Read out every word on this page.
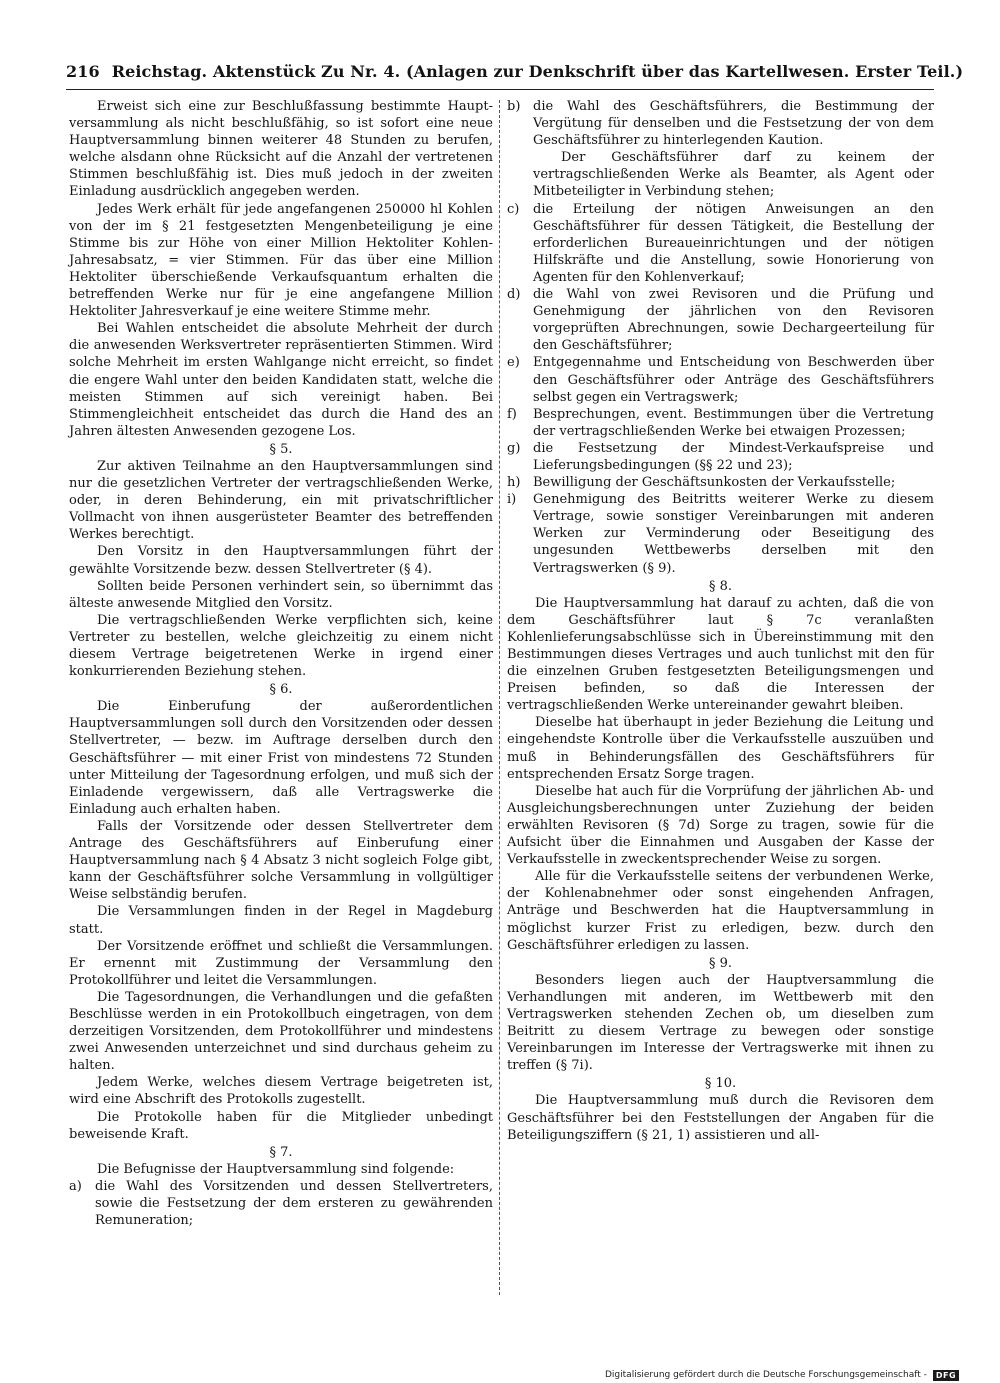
216 Reichstag. Aktenstück Zu Nr. 4. (Anlagen zur Denkschrift über das Kartellwesen. Erster Teil.)

Erweist sich eine zur Beschlußfassung bestimmte Haupt-versammlung als nicht beschlußfähig, so ist sofort eine neue Hauptversammlung binnen weiterer 48 Stunden zu berufen, welche alsdann ohne Rücksicht auf die Anzahl der vertretenen Stimmen beschlußfähig ist. Dies muß jedoch in der zweiten Einladung ausdrücklich angegeben werden.

Jedes Werk erhält für jede angefangenen 250000 hl Kohlen von der im § 21 festgesetzten Mengenbeteiligung je eine Stimme bis zur Höhe von einer Million Hektoliter Kohlen-Jahresabsatz, = vier Stimmen. Für das über eine Million Hektoliter überschießende Verkaufsquantum erhalten die betreffenden Werke nur für je eine angefangene Million Hektoliter Jahresverkauf je eine weitere Stimme mehr.

Bei Wahlen entscheidet die absolute Mehrheit der durch die anwesenden Werksvertreter repräsentierten Stimmen. Wird solche Mehrheit im ersten Wahlgange nicht erreicht, so findet die engere Wahl unter den beiden Kandidaten statt, welche die meisten Stimmen auf sich vereinigt haben. Bei Stimmengleichheit entscheidet das durch die Hand des an Jahren ältesten Anwesenden gezogene Los.

§ 5.

Zur aktiven Teilnahme an den Hauptversammlungen sind nur die gesetzlichen Vertreter der vertragschließenden Werke, oder, in deren Behinderung, ein mit privatschriftlicher Vollmacht von ihnen ausgerüsteter Beamter des betreffenden Werkes berechtigt.

Den Vorsitz in den Hauptversammlungen führt der gewählte Vorsitzende bezw. dessen Stellvertreter (§ 4).

Sollten beide Personen verhindert sein, so übernimmt das älteste anwesende Mitglied den Vorsitz.

Die vertragschließenden Werke verpflichten sich, keine Vertreter zu bestellen, welche gleichzeitig zu einem nicht diesem Vertrage beigetretenen Werke in irgend einer konkurrierenden Beziehung stehen.

§ 6.

Die Einberufung der außerordentlichen Hauptversammlungen soll durch den Vorsitzenden oder dessen Stellvertreter, — bezw. im Auftrage derselben durch den Geschäftsführer — mit einer Frist von mindestens 72 Stunden unter Mitteilung der Tagesordnung erfolgen, und muß sich der Einladende vergewissern, daß alle Vertragswerke die Einladung auch erhalten haben.

Falls der Vorsitzende oder dessen Stellvertreter dem Antrage des Geschäftsführers auf Einberufung einer Hauptversammlung nach § 4 Absatz 3 nicht sogleich Folge gibt, kann der Geschäftsführer solche Versammlung in vollgültiger Weise selbständig berufen.

Die Versammlungen finden in der Regel in Magdeburg statt.

Der Vorsitzende eröffnet und schließt die Versammlungen. Er ernennt mit Zustimmung der Versammlung den Protokollführer und leitet die Versammlungen.

Die Tagesordnungen, die Verhandlungen und die gefaßten Beschlüsse werden in ein Protokollbuch eingetragen, von dem derzeitigen Vorsitzenden, dem Protokollführer und mindestens zwei Anwesenden unterzeichnet und sind durchaus geheim zu halten.

Jedem Werke, welches diesem Vertrage beigetreten ist, wird eine Abschrift des Protokolls zugestellt.

Die Protokolle haben für die Mitglieder unbedingt beweisende Kraft.

§ 7.

Die Befugnisse der Hauptversammlung sind folgende:

a)	die Wahl des Vorsitzenden und dessen Stellvertreters, sowie die Festsetzung der dem ersteren zu gewährenden Remuneration;
b) die Wahl des Geschäftsführers, die Bestimmung der Vergütung für denselben und die Festsetzung der von dem Geschäftsführer zu hinterlegenden Kaution.

Der Geschäftsführer darf zu keinem der vertragschließenden Werke als Beamter, als Agent oder Mitbeteiligter in Verbindung stehen;

c)	die Erteilung der nötigen Anweisungen an den Geschäftsführer für dessen Tätigkeit, die Bestellung der erforderlichen Bureaueinrichtungen und der nötigen Hilfskräfte und die Anstellung, sowie Honorierung von Agenten für den Kohlenverkauf;
d) die Wahl von zwei Revisoren und die Prüfung und Genehmigung der jährlichen von den Revisoren vorgeprüften Abrechnungen, sowie Dechargeerteilung für den Geschäftsführer;
e)	Entgegennahme und Entscheidung von Beschwerden über den Geschäftsführer oder Anträge des Geschäftsführers selbst gegen ein Vertragswerk;
f)	Besprechungen, event. Bestimmungen über die Vertretung der vertragschließenden Werke bei etwaigen Prozessen;
g) die Festsetzung der Mindest-Verkaufspreise und Lieferungsbedingungen (§§ 22 und 23);
h) Bewilligung der Geschäftsunkosten der Verkaufsstelle;
i)	Genehmigung des Beitritts weiterer Werke zu diesem Vertrage, sowie sonstiger Vereinbarungen mit anderen Werken zur Verminderung oder Beseitigung des ungesunden Wettbewerbs derselben mit den Vertragswerken (§ 9).

§ 8.

Die Hauptversammlung hat darauf zu achten, daß die von dem Geschäftsführer laut § 7c veranlaßten Kohlenlieferungsabschlüsse sich in Übereinstimmung mit den Bestimmungen dieses Vertrages und auch tunlichst mit den für die einzelnen Gruben festgesetzten Beteiligungsmengen und Preisen befinden, so daß die Interessen der vertragschließenden Werke untereinander gewahrt bleiben.

Dieselbe hat überhaupt in jeder Beziehung die Leitung und eingehendste Kontrolle über die Verkaufsstelle auszuüben und muß in Behinderungsfällen des Geschäftsführers für entsprechenden Ersatz Sorge tragen.

Dieselbe hat auch für die Vorprüfung der jährlichen Ab- und Ausgleichungsberechnungen unter Zuziehung der beiden erwählten Revisoren (§ 7d) Sorge zu tragen, sowie für die Aufsicht über die Einnahmen und Ausgaben der Kasse der Verkaufsstelle in zweckentsprechender Weise zu sorgen.

Alle für die Verkaufsstelle seitens der verbundenen Werke, der Kohlenabnehmer oder sonst eingehenden Anfragen, Anträge und Beschwerden hat die Hauptversammlung in möglichst kurzer Frist zu erledigen, bezw. durch den Geschäftsführer erledigen zu lassen.

§ 9.

Besonders liegen auch der Hauptversammlung die Verhandlungen mit anderen, im Wettbewerb mit den Vertragswerken stehenden Zechen ob, um dieselben zum Beitritt zu diesem Vertrage zu bewegen oder sonstige Vereinbarungen im Interesse der Vertragswerke mit ihnen zu treffen (§ 7i).

§ 10.

Die Hauptversammlung muß durch die Revisoren dem Geschäftsführer bei den Feststellungen der Angaben für die Beteiligungsziffern (§ 21, 1) assistieren und all-

Digitalisierung gefördert durch die Deutsche Forschungsgemeinschaft -	DFG
